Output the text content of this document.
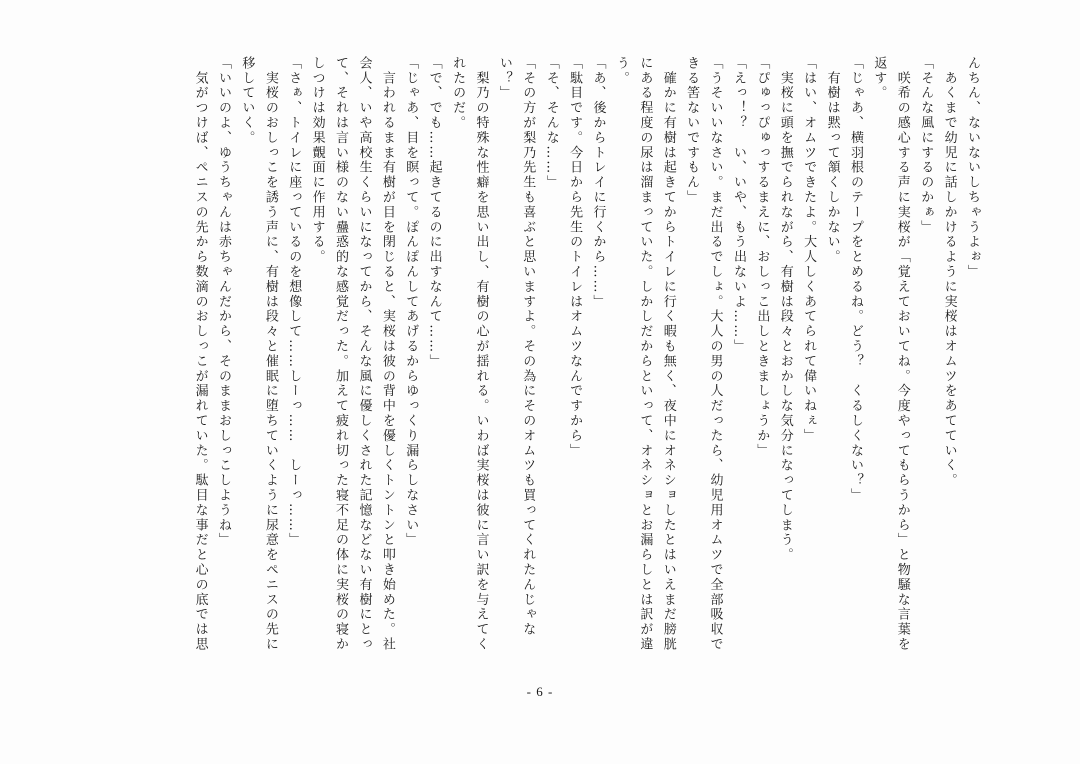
んちん、ないないしちゃうよぉ」
　あくまで幼児に話しかけるように実桜はオムツをあてていく。
「そんな風にするのかぁ」
　咲希の感心する声に実桜が「覚えておいてね。今度やってもらうから」と物騒な言葉を
返す。
「じゃあ、横羽根のテープをとめるね。どう？　くるしくない？」
　有樹は黙って頷くしかない。
「はい、オムツできたよ。大人しくあてられて偉いねぇ」
　実桜に頭を撫でられながら、有樹は段々とおかしな気分になってしまう。
「ぴゅっぴゅっするまえに、おしっこ出しときましょうか」
「えっ！？　い、いや、もう出ないよ……」
「うそいいなさい。まだ出るでしょ。大人の男の人だったら、幼児用オムツで全部吸収で
きる筈ないですもん」
　確かに有樹は起きてからトイレに行く暇も無く、夜中にオネショしたとはいえまだ膀胱
にある程度の尿は溜まっていた。しかしだからといって、オネショとお漏らしとは訳が違
う。
「あ、後からトレイに行くから……」
「駄目です。今日から先生のトイレはオムツなんですから」
「そ、そんな……」
「その方が梨乃先生も喜ぶと思いますよ。その為にそのオムツも買ってくれたんじゃな
い？」
　梨乃の特殊な性癖を思い出し、有樹の心が揺れる。いわば実桜は彼に言い訳を与えてく
れたのだ。
「で、でも……起きてるのに出すなんて……」
「じゃあ、目を瞑って。ぽんぽんしてあげるからゆっくり漏らしなさい」
　言われるまま有樹が目を閉じると、実桜は彼の背中を優しくトントンと叩き始めた。社
会人、いや高校生くらいになってから、そんな風に優しくされた記憶などない有樹にとっ
て、それは言い様のない蠱惑的な感覚だった。加えて疲れ切った寝不足の体に実桜の寝か
しつけは効果覿面に作用する。
「さぁ、トイレに座っているのを想像して……しーっ……　しーっ……」
　実桜のおしっこを誘う声に、有樹は段々と催眠に堕ちていくように尿意をペニスの先に
移していく。
「いいのよ、ゆうちゃんは赤ちゃんだから、そのままおしっこしようね」
　気がつけば、ペニスの先から数滴のおしっこが漏れていた。駄目な事だと心の底では思
- 6 -
